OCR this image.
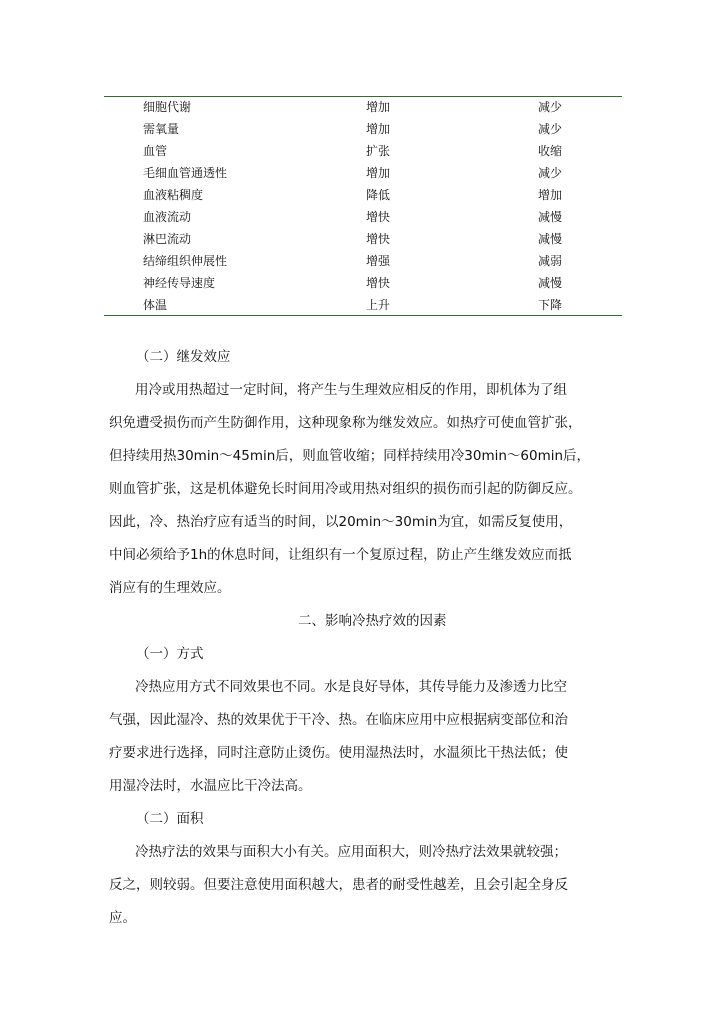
细胞代谢	增加	减少
需氧量	增加	减少
血管	扩张	收缩
毛细血管通透性	增加	减少
血液粘稠度	降低	增加
血液流动	增快	减慢
淋巴流动	增快	减慢
结缔组织伸展性	增强	减弱
神经传导速度	增快	减慢
体温	上升	下降
（二）继发效应
用冷或用热超过一定时间，将产生与生理效应相反的作用，即机体为了组
织免遭受损伤而产生防御作用，这种现象称为继发效应。如热疗可使血管扩张，
但持续用热30min～45min后，则血管收缩；同样持续用冷30min～60min后，
则血管扩张，这是机体避免长时间用冷或用热对组织的损伤而引起的防御反应。
因此，冷、热治疗应有适当的时间，以20min～30min为宜，如需反复使用，
中间必须给予1h的休息时间，让组织有一个复原过程，防止产生继发效应而抵
消应有的生理效应。
二、影响冷热疗效的因素
（一）方式
冷热应用方式不同效果也不同。水是良好导体，其传导能力及渗透力比空
气强，因此湿冷、热的效果优于干冷、热。在临床应用中应根据病变部位和治
疗要求进行选择，同时注意防止烫伤。使用湿热法时，水温须比干热法低；使
用湿冷法时，水温应比干冷法高。
（二）面积
冷热疗法的效果与面积大小有关。应用面积大，则冷热疗法效果就较强；
反之，则较弱。但要注意使用面积越大，患者的耐受性越差，且会引起全身反
应。
